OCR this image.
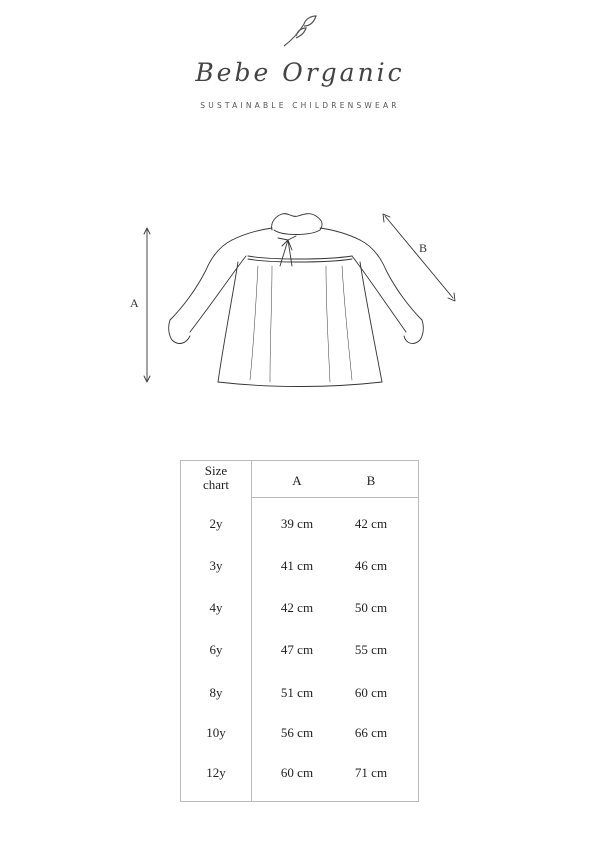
Bebe Organic
SUSTAINABLE CHILDRENSWEAR
A
B
Size
chart	A	B
2y	39 cm	42 cm
3y	41 cm	46 cm
4y	42 cm	50 cm
6y	47 cm	55 cm
8y	51 cm	60 cm
10y	56 cm	66 cm
12y	60 cm	71 cm
